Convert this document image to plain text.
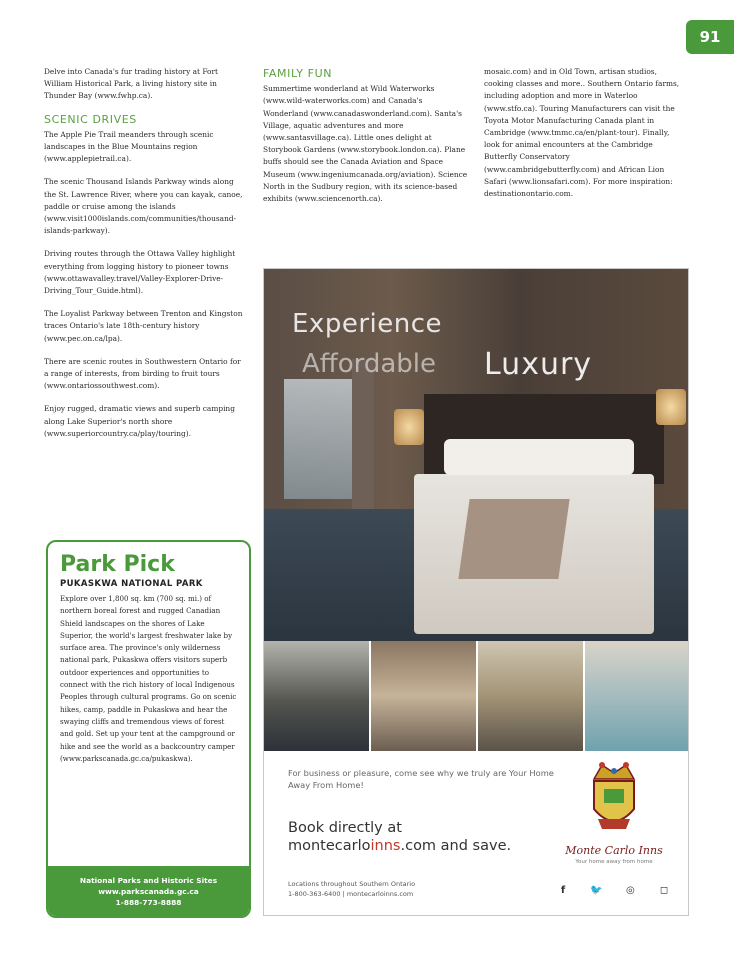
91

Delve into Canada's fur trading history at Fort William Historical Park, a living history site in Thunder Bay (www.fwhp.ca).

SCENIC DRIVES

The Apple Pie Trail meanders through scenic landscapes in the Blue Mountains region (www.applepietrail.ca).

The scenic Thousand Islands Parkway winds along the St. Lawrence River, where you can kayak, canoe, paddle or cruise among the islands (www.visit1000islands.com/communities/thousand-islands-parkway).

Driving routes through the Ottawa Valley highlight everything from logging history to pioneer towns (www.ottawavalley.travel/Valley-Explorer-Drive-Driving_Tour_Guide.html).

The Loyalist Parkway between Trenton and Kingston traces Ontario's late 18th-century history (www.pec.on.ca/lpa).

There are scenic routes in Southwestern Ontario for a range of interests, from birding to fruit tours (www.ontariossouthwest.com).

Enjoy rugged, dramatic views and superb camping along Lake Superior's north shore (www.superiorcountry.ca/play/touring).

FAMILY FUN

Summertime wonderland at Wild Waterworks (www.wild-waterworks.com) and Canada's Wonderland (www.canadaswonderland.com). Santa's Village, aquatic adventures and more (www.santasvillage.ca). Little ones delight at Storybook Gardens (www.storybook.london.ca). Plane buffs should see the Canada Aviation and Space Museum (www.ingeniumcanada.org/aviation). Science North in the Sudbury region, with its science-based exhibits (www.sciencenorth.ca).

mosaic.com) and in Old Town, artisan studios, cooking classes and more.. Southern Ontario farms, including adoption and more in Waterloo (www.stfo.ca). Touring Manufacturers can visit the Toyota Motor Manufacturing Canada plant in Cambridge (www.tmmc.ca/en/plant-tour). Finally, look for animal encounters at the Cambridge Butterfly Conservatory (www.cambridgebutterfly.com) and African Lion Safari (www.lionsafari.com). For more inspiration: destinationontario.com.

Park Pick
PUKASKWA NATIONAL PARK
Explore over 1,800 sq. km (700 sq. mi.) of northern boreal forest and rugged Canadian Shield landscapes on the shores of Lake Superior, the world's largest freshwater lake by surface area. The province's only wilderness national park, Pukaskwa offers visitors superb outdoor experiences and opportunities to connect with the rich history of local Indigenous Peoples through cultural programs. Go on scenic hikes, camp, paddle in Pukaskwa and hear the swaying cliffs and tremendous views of forest and gold. Set up your tent at the campground or hike and see the world as a backcountry camper (www.parkscanada.gc.ca/pukaskwa).
National Parks and Historic Sites
www.parkscanada.gc.ca
1-888-773-8888
Experience
Affordable Luxury
For business or pleasure, come see why we truly are Your Home Away From Home!
Book directly at
montecarloinns.com and save.
Locations throughout Southern Ontario
1-800-363-6400 | montecarloinns.com
Monte Carlo Inns
Your home away from home
f	🐦 ◎	◻
